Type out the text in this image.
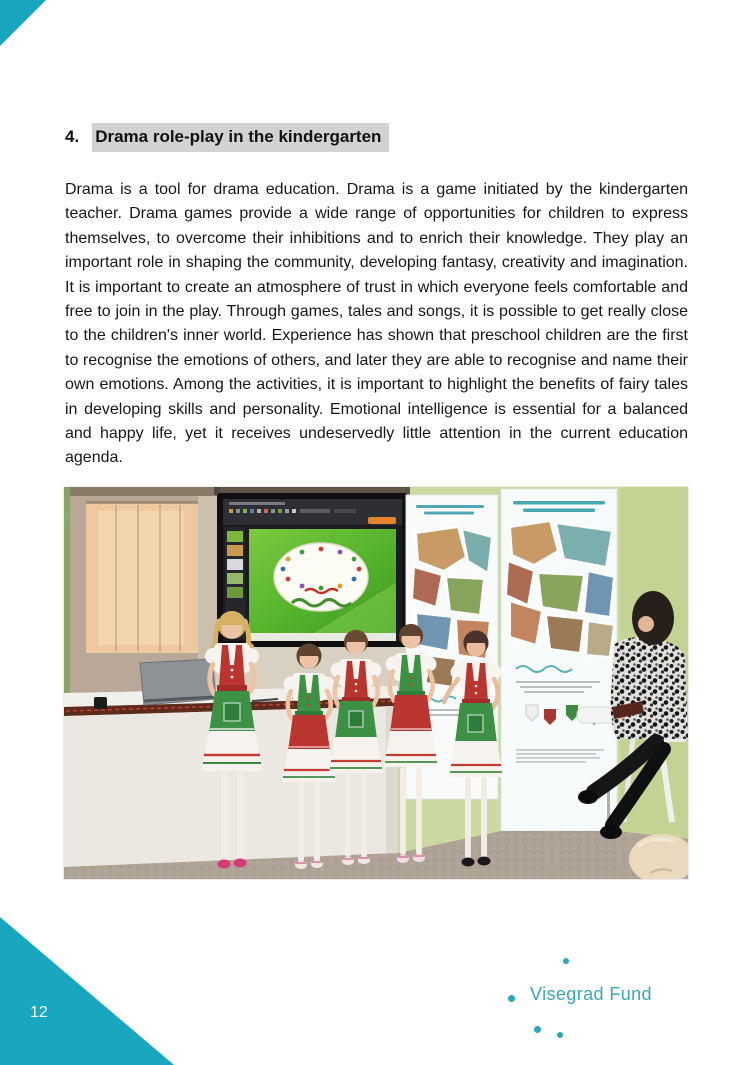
4. Drama role-play in the kindergarten

Drama is a tool for drama education. Drama is a game initiated by the kindergarten teacher. Drama games provide a wide range of opportunities for children to express themselves, to overcome their inhibitions and to enrich their knowledge. They play an important role in shaping the community, developing fantasy, creativity and imagination. It is important to create an atmosphere of trust in which everyone feels comfortable and free to join in the play. Through games, tales and songs, it is possible to get really close to the children's inner world. Experience has shown that preschool children are the first to recognise the emotions of others, and later they are able to recognise and name their own emotions. Among the activities, it is important to highlight the benefits of fairy tales in developing skills and personality. Emotional intelligence is essential for a balanced and happy life, yet it receives undeservedly little attention in the current education agenda.

12
Visegrad Fund
